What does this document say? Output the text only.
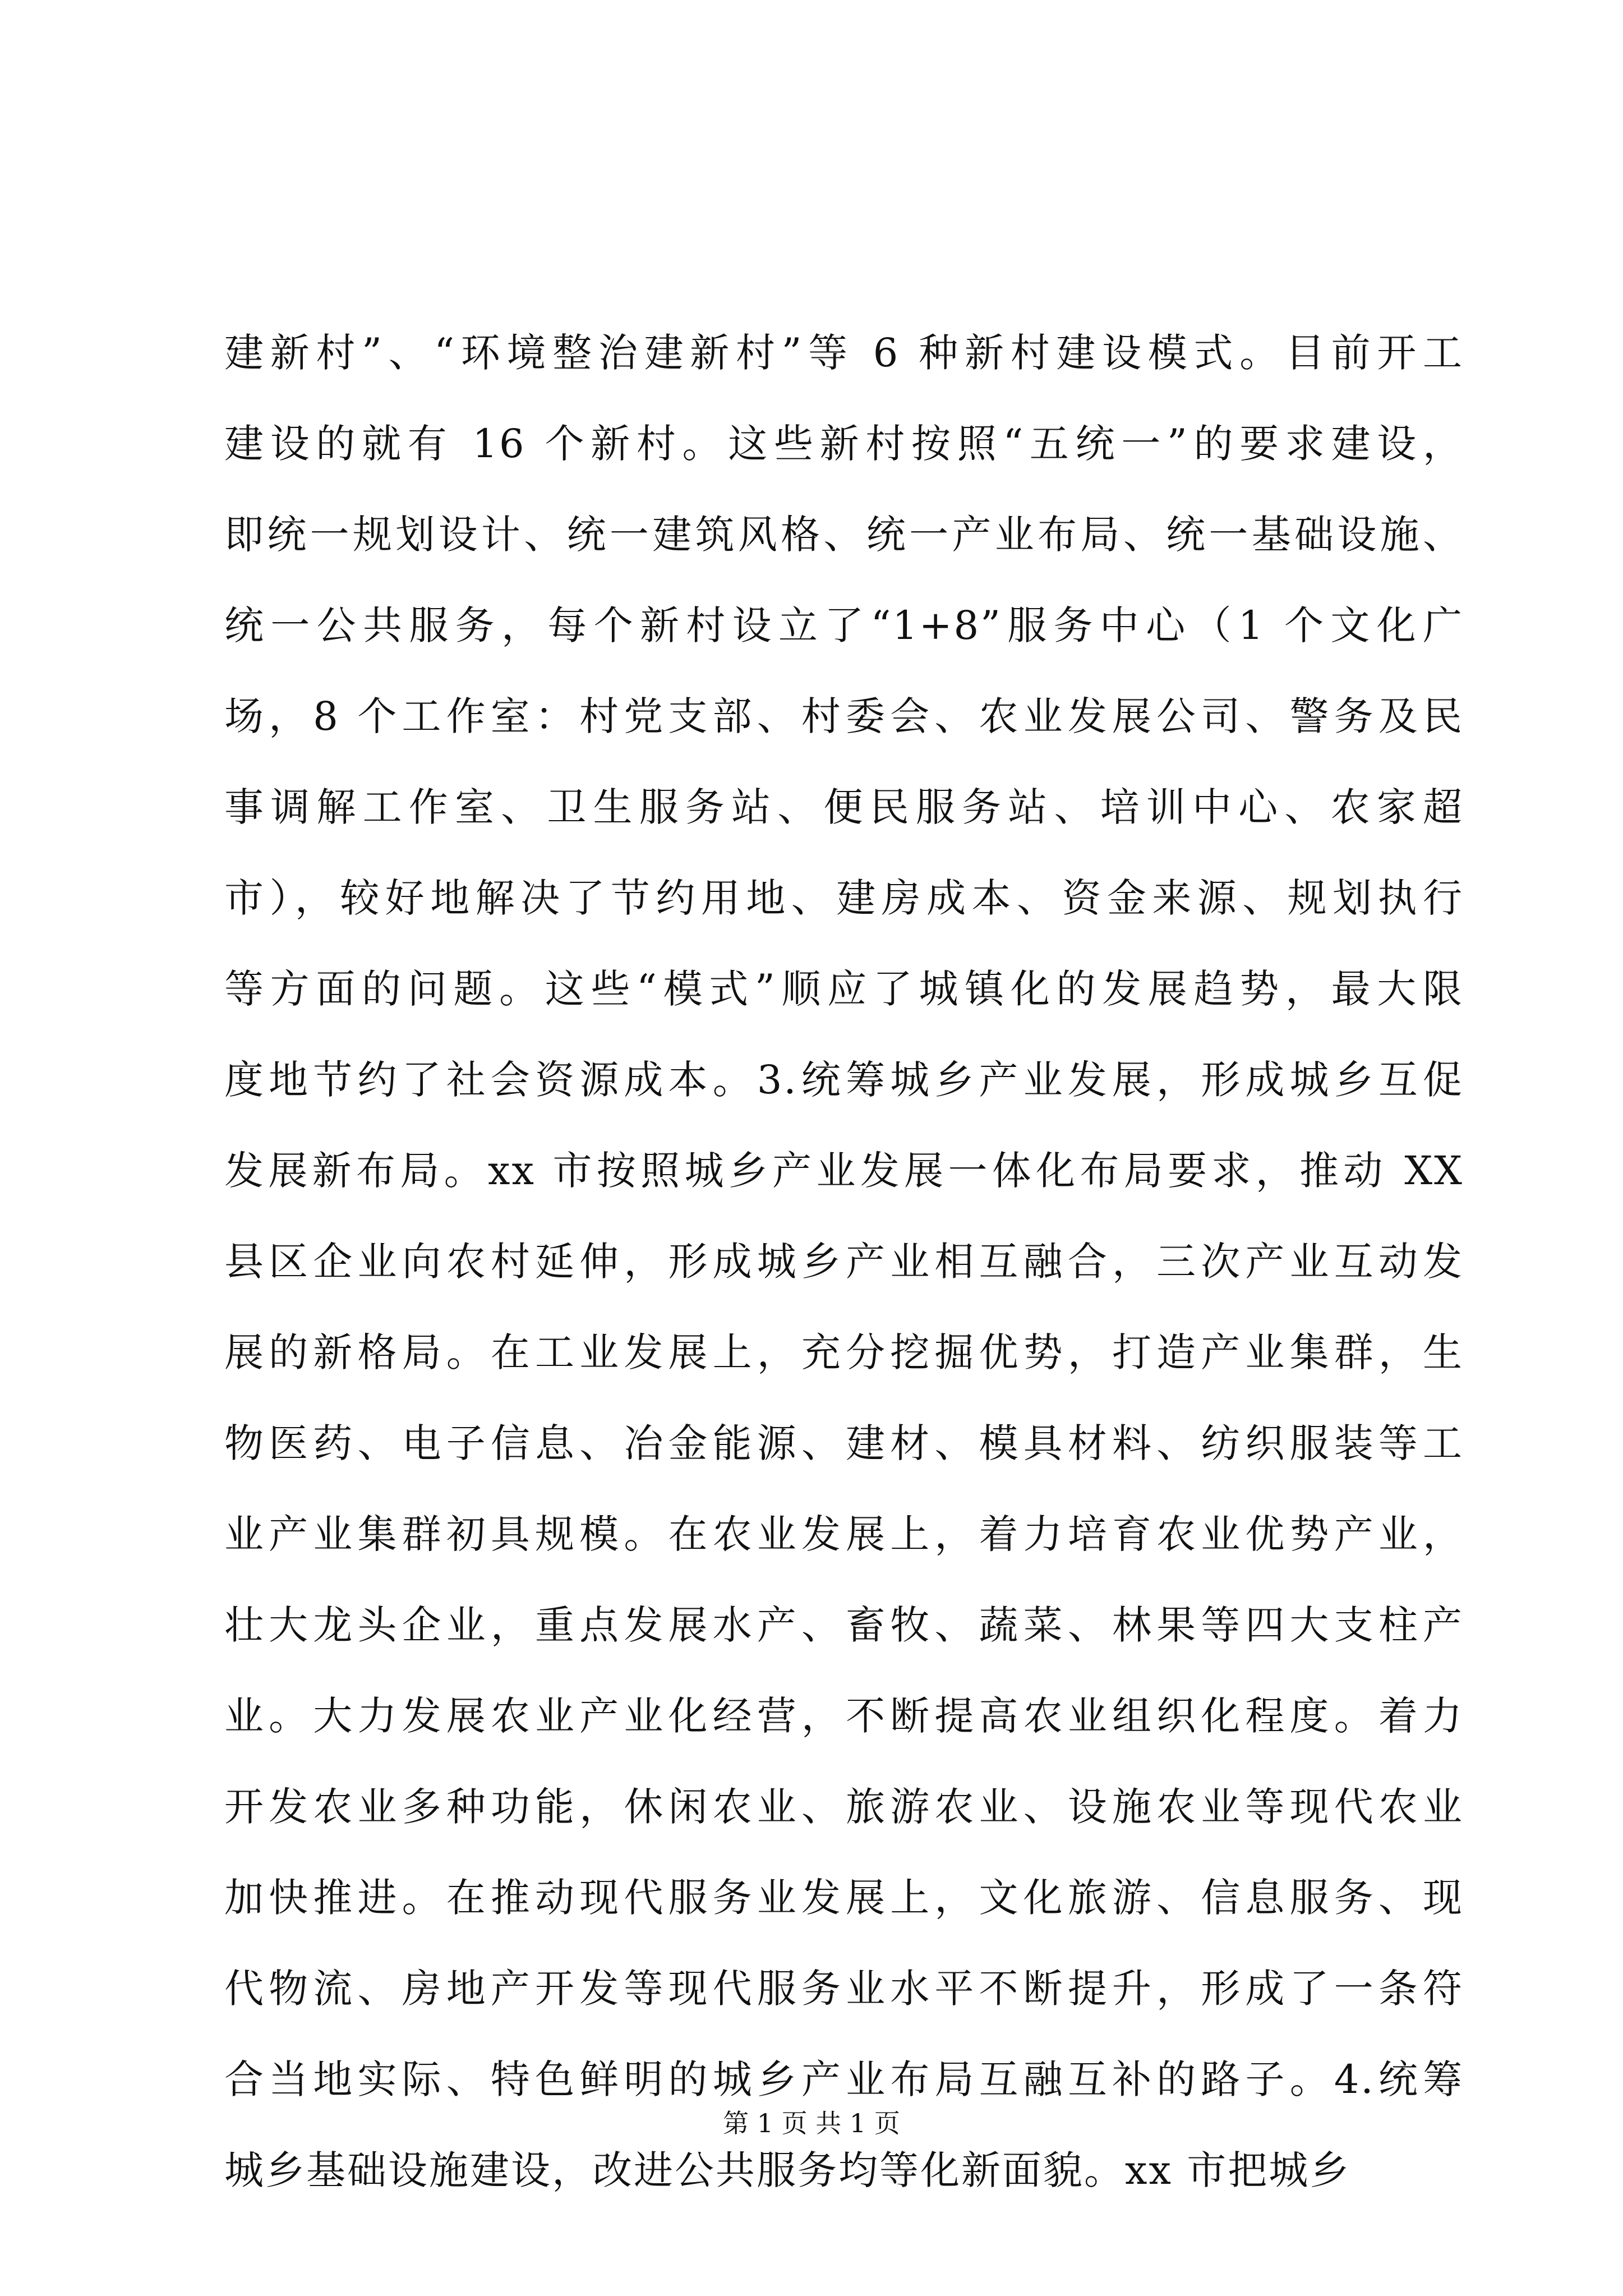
建新村”、“环境整治建新村”等 6 种新村建设模式。目前开工
建设的就有 16 个新村。这些新村按照“五统一”的要求建设，
即统一规划设计、统一建筑风格、统一产业布局、统一基础设施、
统一公共服务，每个新村设立了“1+8”服务中心（1 个文化广
场，8 个工作室：村党支部、村委会、农业发展公司、警务及民
事调解工作室、卫生服务站、便民服务站、培训中心、农家超
市），较好地解决了节约用地、建房成本、资金来源、规划执行
等方面的问题。这些“模式”顺应了城镇化的发展趋势，最大限
度地节约了社会资源成本。3.统筹城乡产业发展，形成城乡互促
发展新布局。xx 市按照城乡产业发展一体化布局要求，推动 XX
县区企业向农村延伸，形成城乡产业相互融合，三次产业互动发
展的新格局。在工业发展上，充分挖掘优势，打造产业集群，生
物医药、电子信息、冶金能源、建材、模具材料、纺织服装等工
业产业集群初具规模。在农业发展上，着力培育农业优势产业，
壮大龙头企业，重点发展水产、畜牧、蔬菜、林果等四大支柱产
业。大力发展农业产业化经营，不断提高农业组织化程度。着力
开发农业多种功能，休闲农业、旅游农业、设施农业等现代农业
加快推进。在推动现代服务业发展上，文化旅游、信息服务、现
代物流、房地产开发等现代服务业水平不断提升，形成了一条符
合当地实际、特色鲜明的城乡产业布局互融互补的路子。4.统筹
城乡基础设施建设，改进公共服务均等化新面貌。xx 市把城乡
第 1 页 共 1 页
